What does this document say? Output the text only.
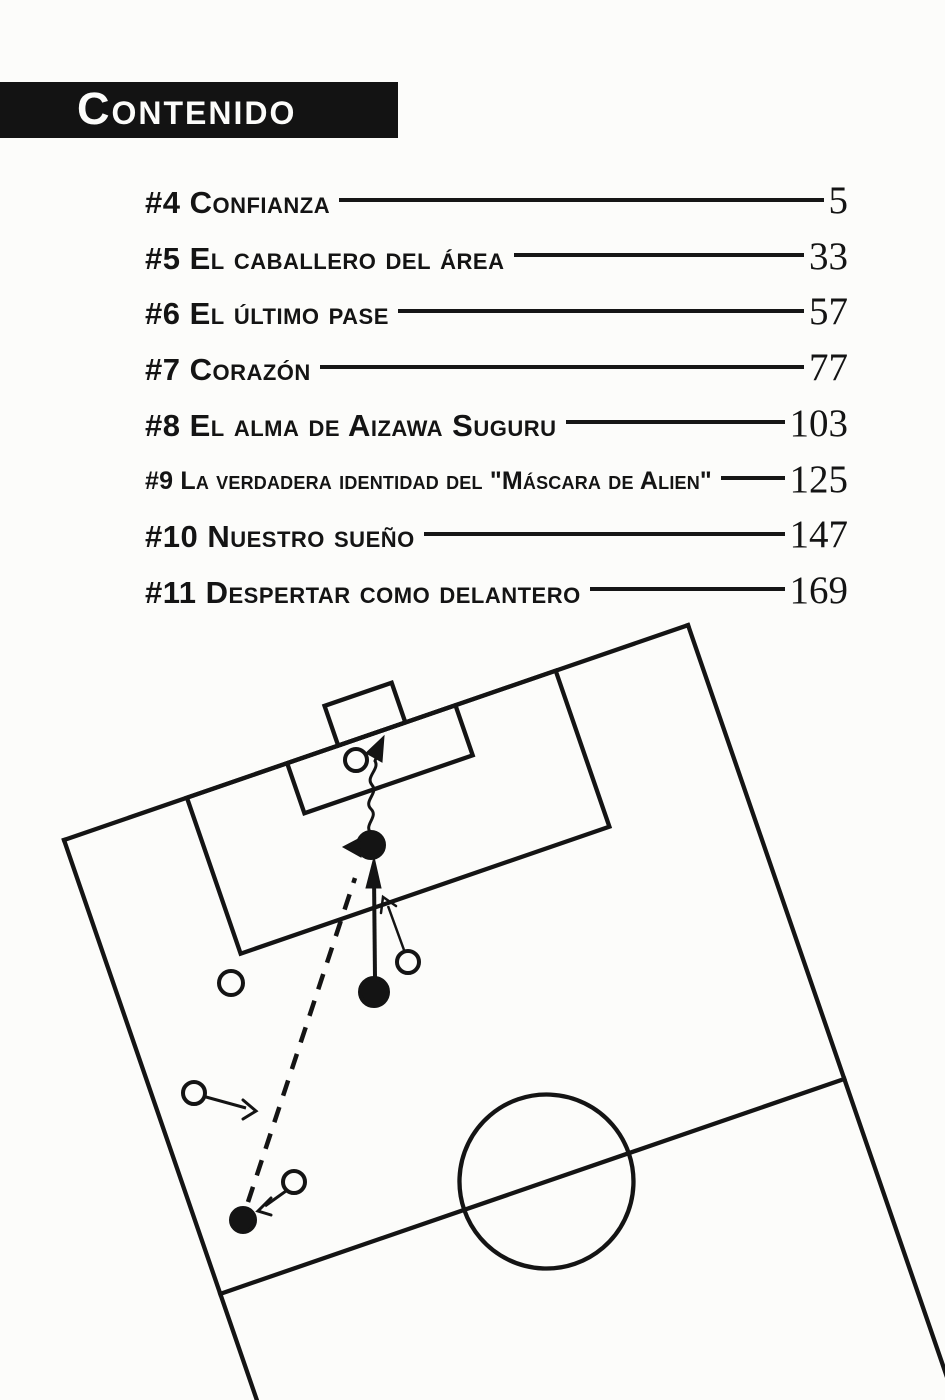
Contenido
#4 Confianza	5
#5 El caballero del área	33
#6 El último pase	57
#7 Corazón	77
#8 El alma de Aizawa Suguru	103
#9 La verdadera identidad del "Máscara de Alien" 125
#10 Nuestro sueño	147
#11 Despertar como delantero	169
